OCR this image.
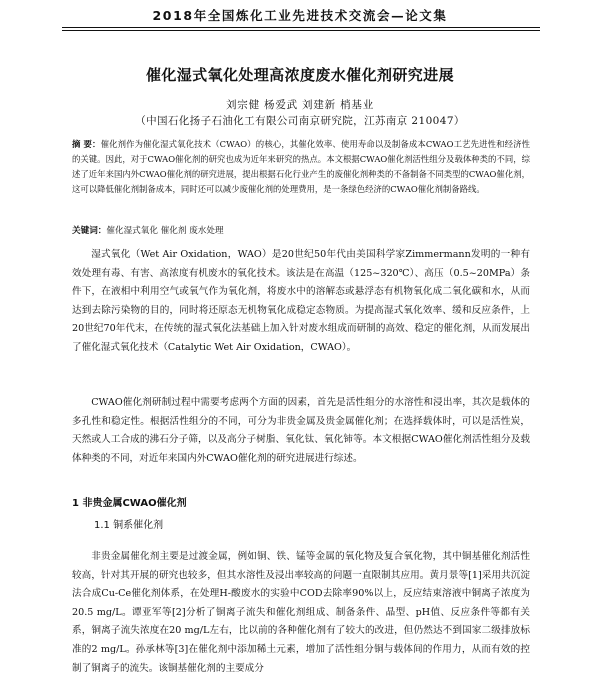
2018年全国炼化工业先进技术交流会—论文集
催化湿式氧化处理高浓度废水催化剂研究进展
刘宗健 杨爱武 刘建新 梢基业
（中国石化扬子石油化工有限公司南京研究院，江苏南京 210047）
摘 要：催化剂作为催化湿式氧化技术（CWAO）的核心，其催化效率、使用寿命以及制备成本CWAO工艺先进性和经济性的关键。因此，对于CWAO催化剂的研究也成为近年来研究的热点。本文根据CWAO催化剂活性组分及载体种类的不同，综述了近年来国内外CWAO催化剂的研究进展，提出根据石化行业产生的废催化剂种类的不备制备不同类型的CWAO催化剂，这可以降低催化剂制备成本，同时还可以减少废催化剂的处理费用，是一条绿色经济的CWAO催化剂制备路线。
关键词：催化湿式氧化 催化剂 废水处理
湿式氧化（Wet Air Oxidation，WAO）是20世纪50年代由美国科学家Zimmermann发明的一种有效处理有毒、有害、高浓度有机废水的氧化技术。该法是在高温（125~320℃）、高压（0.5~20MPa）条件下，在液相中利用空气或氧气作为氧化剂，将废水中的溶解态或悬浮态有机物氧化成二氧化碳和水，从而达到去除污染物的目的，同时将还原态无机物氧化成稳定态物质。为提高湿式氧化效率、缓和反应条件，上20世纪70年代末，在传统的湿式氧化法基础上加入针对废水组成而研制的高效、稳定的催化剂，从而发展出了催化湿式氧化技术（Catalytic Wet Air Oxidation，CWAO）。
CWAO催化剂研制过程中需要考虑两个方面的因素，首先是活性组分的水溶性和浸出率，其次是载体的多孔性和稳定性。根据活性组分的不同，可分为非贵金属及贵金属催化剂；在选择载体时，可以是活性炭，天然或人工合成的沸石分子筛，以及高分子树脂、氧化钛、氧化铈等。本文根据CWAO催化剂活性组分及载体种类的不同，对近年来国内外CWAO催化剂的研究进展进行综述。
1 非贵金属CWAO催化剂
1.1 铜系催化剂
非贵金属催化剂主要是过渡金属，例如铜、铁、锰等金属的氧化物及复合氧化物，其中铜基催化剂活性较高，针对其开展的研究也较多，但其水溶性及浸出率较高的问题一直限制其应用。黄月景等[1]采用共沉淀法合成Cu-Ce催化剂体系，在处理H-酸废水的实验中COD去除率90%以上，反应结束溶液中铜离子浓度为20.5 mg/L。谭亚军等[2]分析了铜离子流失和催化剂组成、制备条件、晶型、pH值、反应条件等都有关系，铜离子流失浓度在20 mg/L左右，比以前的各种催化剂有了较大的改进，但仍然达不到国家二级排放标准的2 mg/L。孙承林等[3]在催化剂中添加稀土元素，增加了活性组分铜与载体间的作用力，从而有效的控制了铜离子的流失。该铜基催化剂的主要成分
